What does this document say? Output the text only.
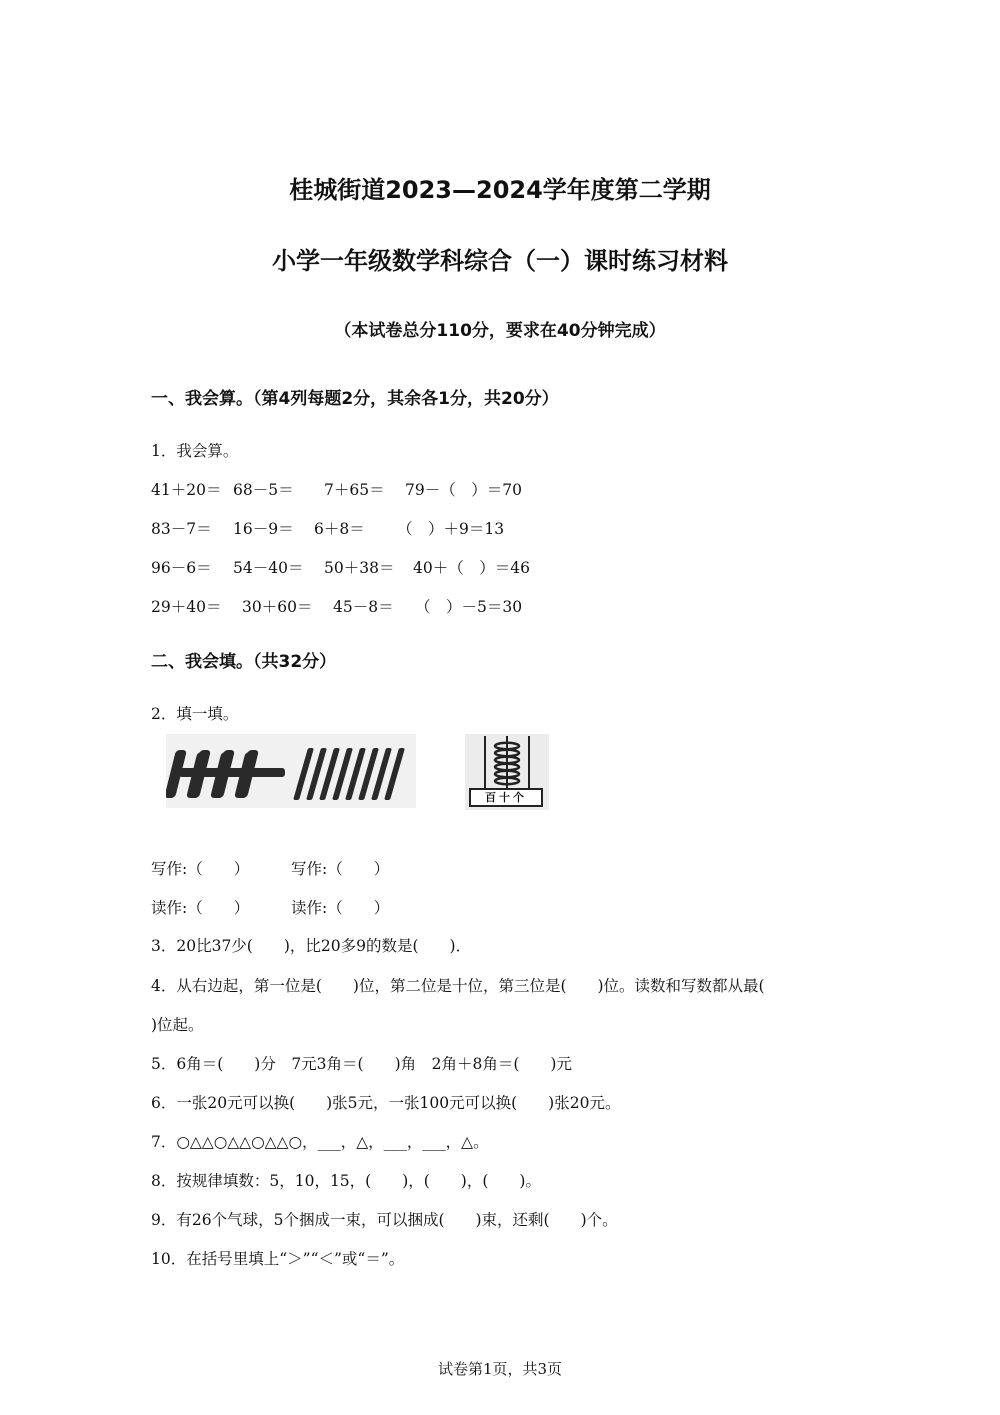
桂城街道2023—2024学年度第二学期
小学一年级数学科综合（一）课时练习材料
（本试卷总分110分，要求在40分钟完成）
一、我会算。（第4列每题2分，其余各1分，共20分）
1．我会算。
41＋20＝ 68－5＝ 7＋65＝ 79－（　）＝70
83－7＝ 16－9＝ 6＋8＝ （　）＋9＝13
96－6＝ 54－40＝ 50＋38＝ 40＋（　）＝46
29＋40＝ 30＋60＝ 45－8＝ （　）－5＝30
二、我会填。（共32分）
2．填一填。
百十个
写作:（　　）	写作:（　　）
读作:（　　）	读作:（　　）
3．20比37少(　　)，比20多9的数是(　　)．
4．从右边起，第一位是(　　)位，第二位是十位，第三位是(　　)位。读数和写数都从最(
)位起。
5．6角＝(　　)分　7元3角＝(　　)角　2角＋8角＝(　　)元
6．一张20元可以换(　　)张5元，一张100元可以换(　　)张20元。
7．○△△○△△○△△○，___，△，___，___，△。
8．按规律填数：5，10，15，(　　)，(　　)，(　　)。
9．有26个气球，5个捆成一束，可以捆成(　　)束，还剩(　　)个。
10．在括号里填上“＞”“＜”或“＝”。
试卷第1页，共3页
